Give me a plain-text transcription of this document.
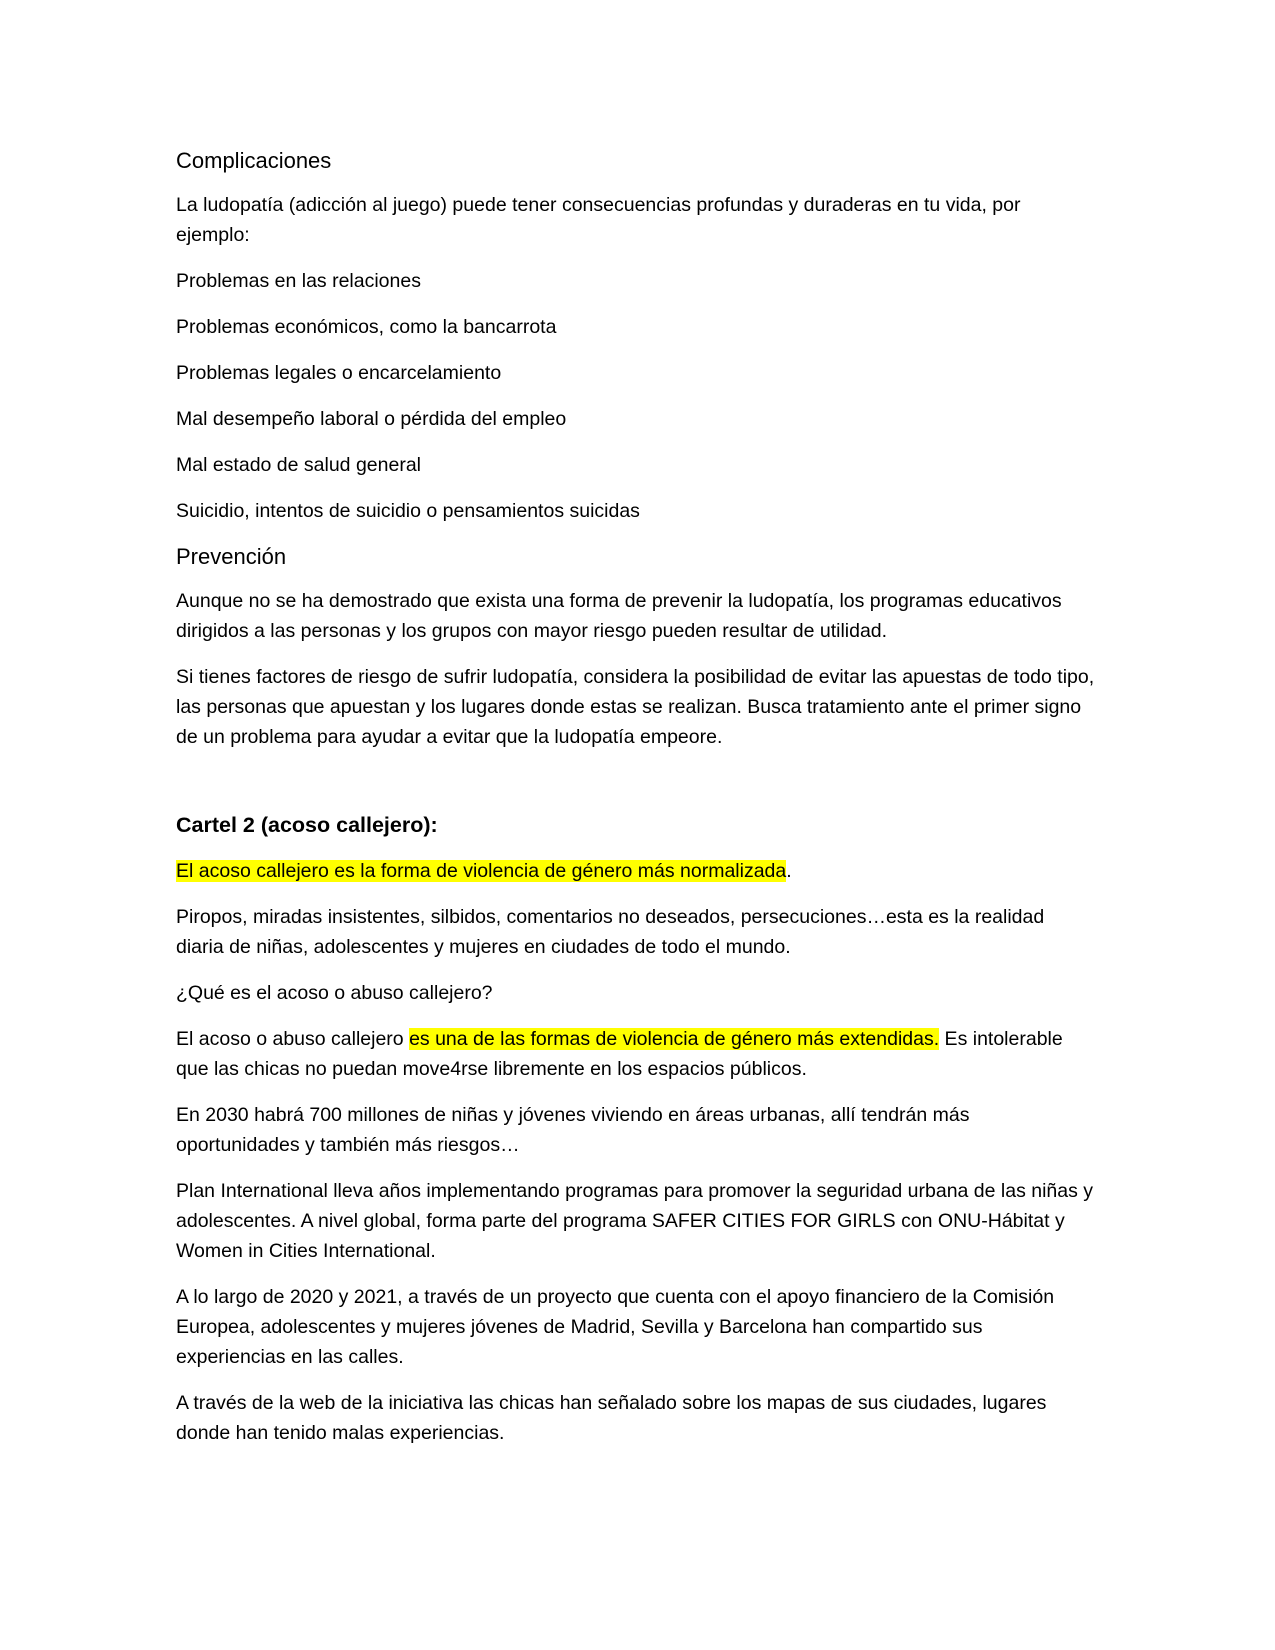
Complicaciones

La ludopatía (adicción al juego) puede tener consecuencias profundas y duraderas en tu vida, por ejemplo:

Problemas en las relaciones

Problemas económicos, como la bancarrota

Problemas legales o encarcelamiento

Mal desempeño laboral o pérdida del empleo

Mal estado de salud general

Suicidio, intentos de suicidio o pensamientos suicidas

Prevención

Aunque no se ha demostrado que exista una forma de prevenir la ludopatía, los programas educativos dirigidos a las personas y los grupos con mayor riesgo pueden resultar de utilidad.

Si tienes factores de riesgo de sufrir ludopatía, considera la posibilidad de evitar las apuestas de todo tipo, las personas que apuestan y los lugares donde estas se realizan. Busca tratamiento ante el primer signo de un problema para ayudar a evitar que la ludopatía empeore.

Cartel 2 (acoso callejero):

El acoso callejero es la forma de violencia de género más normalizada.

Piropos, miradas insistentes, silbidos, comentarios no deseados, persecuciones…esta es la realidad diaria de niñas, adolescentes y mujeres en ciudades de todo el mundo.

¿Qué es el acoso o abuso callejero?

El acoso o abuso callejero es una de las formas de violencia de género más extendidas. Es intolerable que las chicas no puedan move4rse libremente en los espacios públicos.

En 2030 habrá 700 millones de niñas y jóvenes viviendo en áreas urbanas, allí tendrán más oportunidades y también más riesgos…

Plan International lleva años implementando programas para promover la seguridad urbana de las niñas y adolescentes. A nivel global, forma parte del programa SAFER CITIES FOR GIRLS con ONU-Hábitat y Women in Cities International.

A lo largo de 2020 y 2021, a través de un proyecto que cuenta con el apoyo financiero de la Comisión Europea, adolescentes y mujeres jóvenes de Madrid, Sevilla y Barcelona han compartido sus experiencias en las calles.

A través de la web de la iniciativa las chicas han señalado sobre los mapas de sus ciudades, lugares donde han tenido malas experiencias.
